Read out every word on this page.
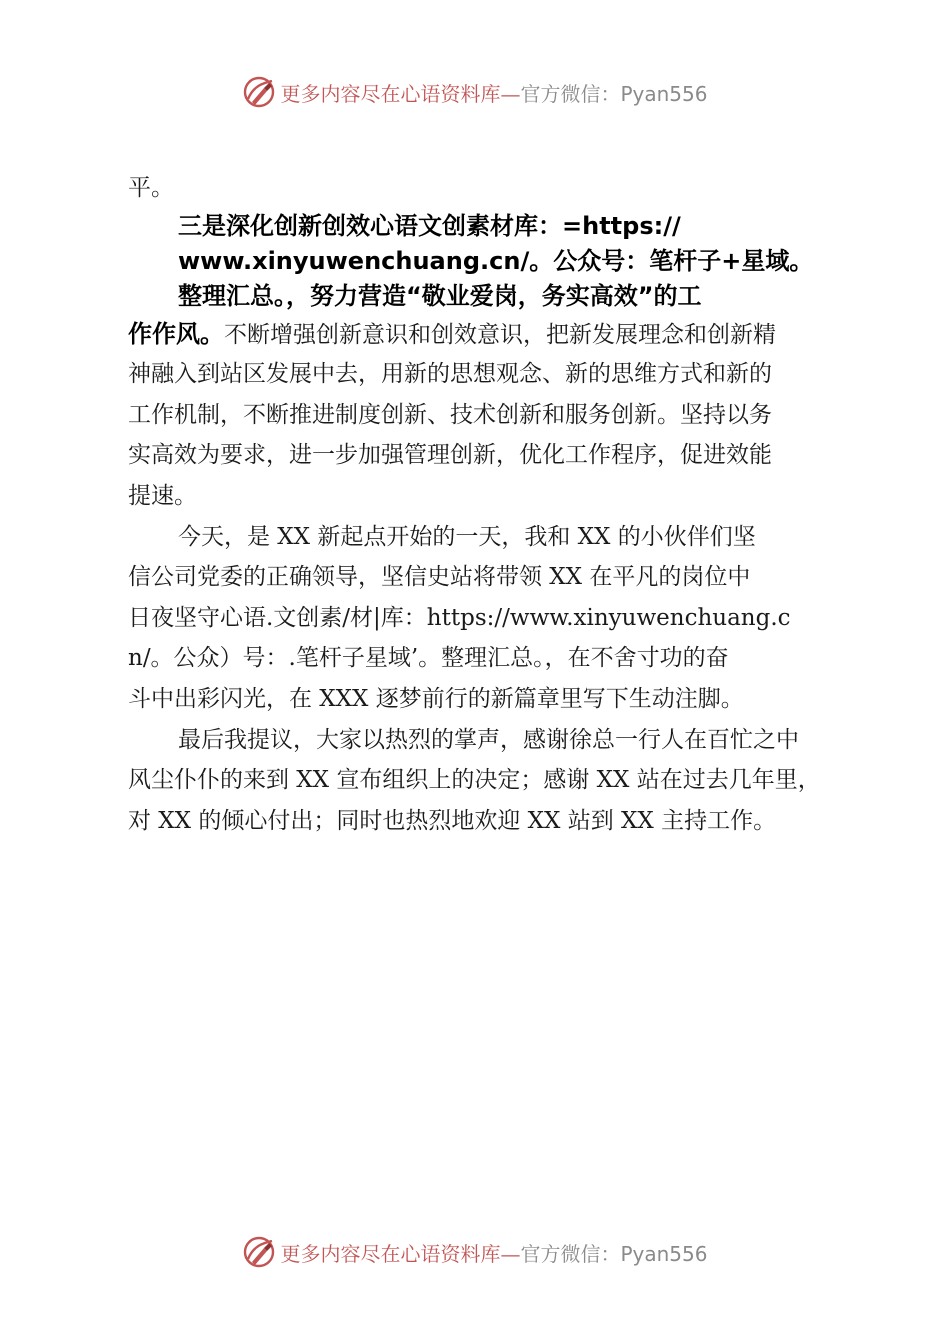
更多内容尽在心语资料库—官方微信：Pyan556
平。
三是深化创新创效心语文创素材库：=https://
www.xinyuwenchuang.cn/。公众号：笔杆子+星域。
整理汇总。，努力营造“敬业爱岗，务实高效”的工
作作风。不断增强创新意识和创效意识，把新发展理念和创新精
神融入到站区发展中去，用新的思想观念、新的思维方式和新的
工作机制，不断推进制度创新、技术创新和服务创新。坚持以务
实高效为要求，进一步加强管理创新，优化工作程序，促进效能
提速。
今天，是 XX 新起点开始的一天，我和 XX 的小伙伴们坚
信公司党委的正确领导，坚信史站将带领 XX 在平凡的岗位中
日夜坚守心语.文创素/材|库：https://www.xinyuwenchuang.c
n/。公众）号：.笔杆子星域’。整理汇总。，在不舍寸功的奋
斗中出彩闪光，在 XXX 逐梦前行的新篇章里写下生动注脚。
最后我提议，大家以热烈的掌声，感谢徐总一行人在百忙之中
风尘仆仆的来到 XX 宣布组织上的决定；感谢 XX 站在过去几年里，
对 XX 的倾心付出；同时也热烈地欢迎 XX 站到 XX 主持工作。
更多内容尽在心语资料库—官方微信：Pyan556
